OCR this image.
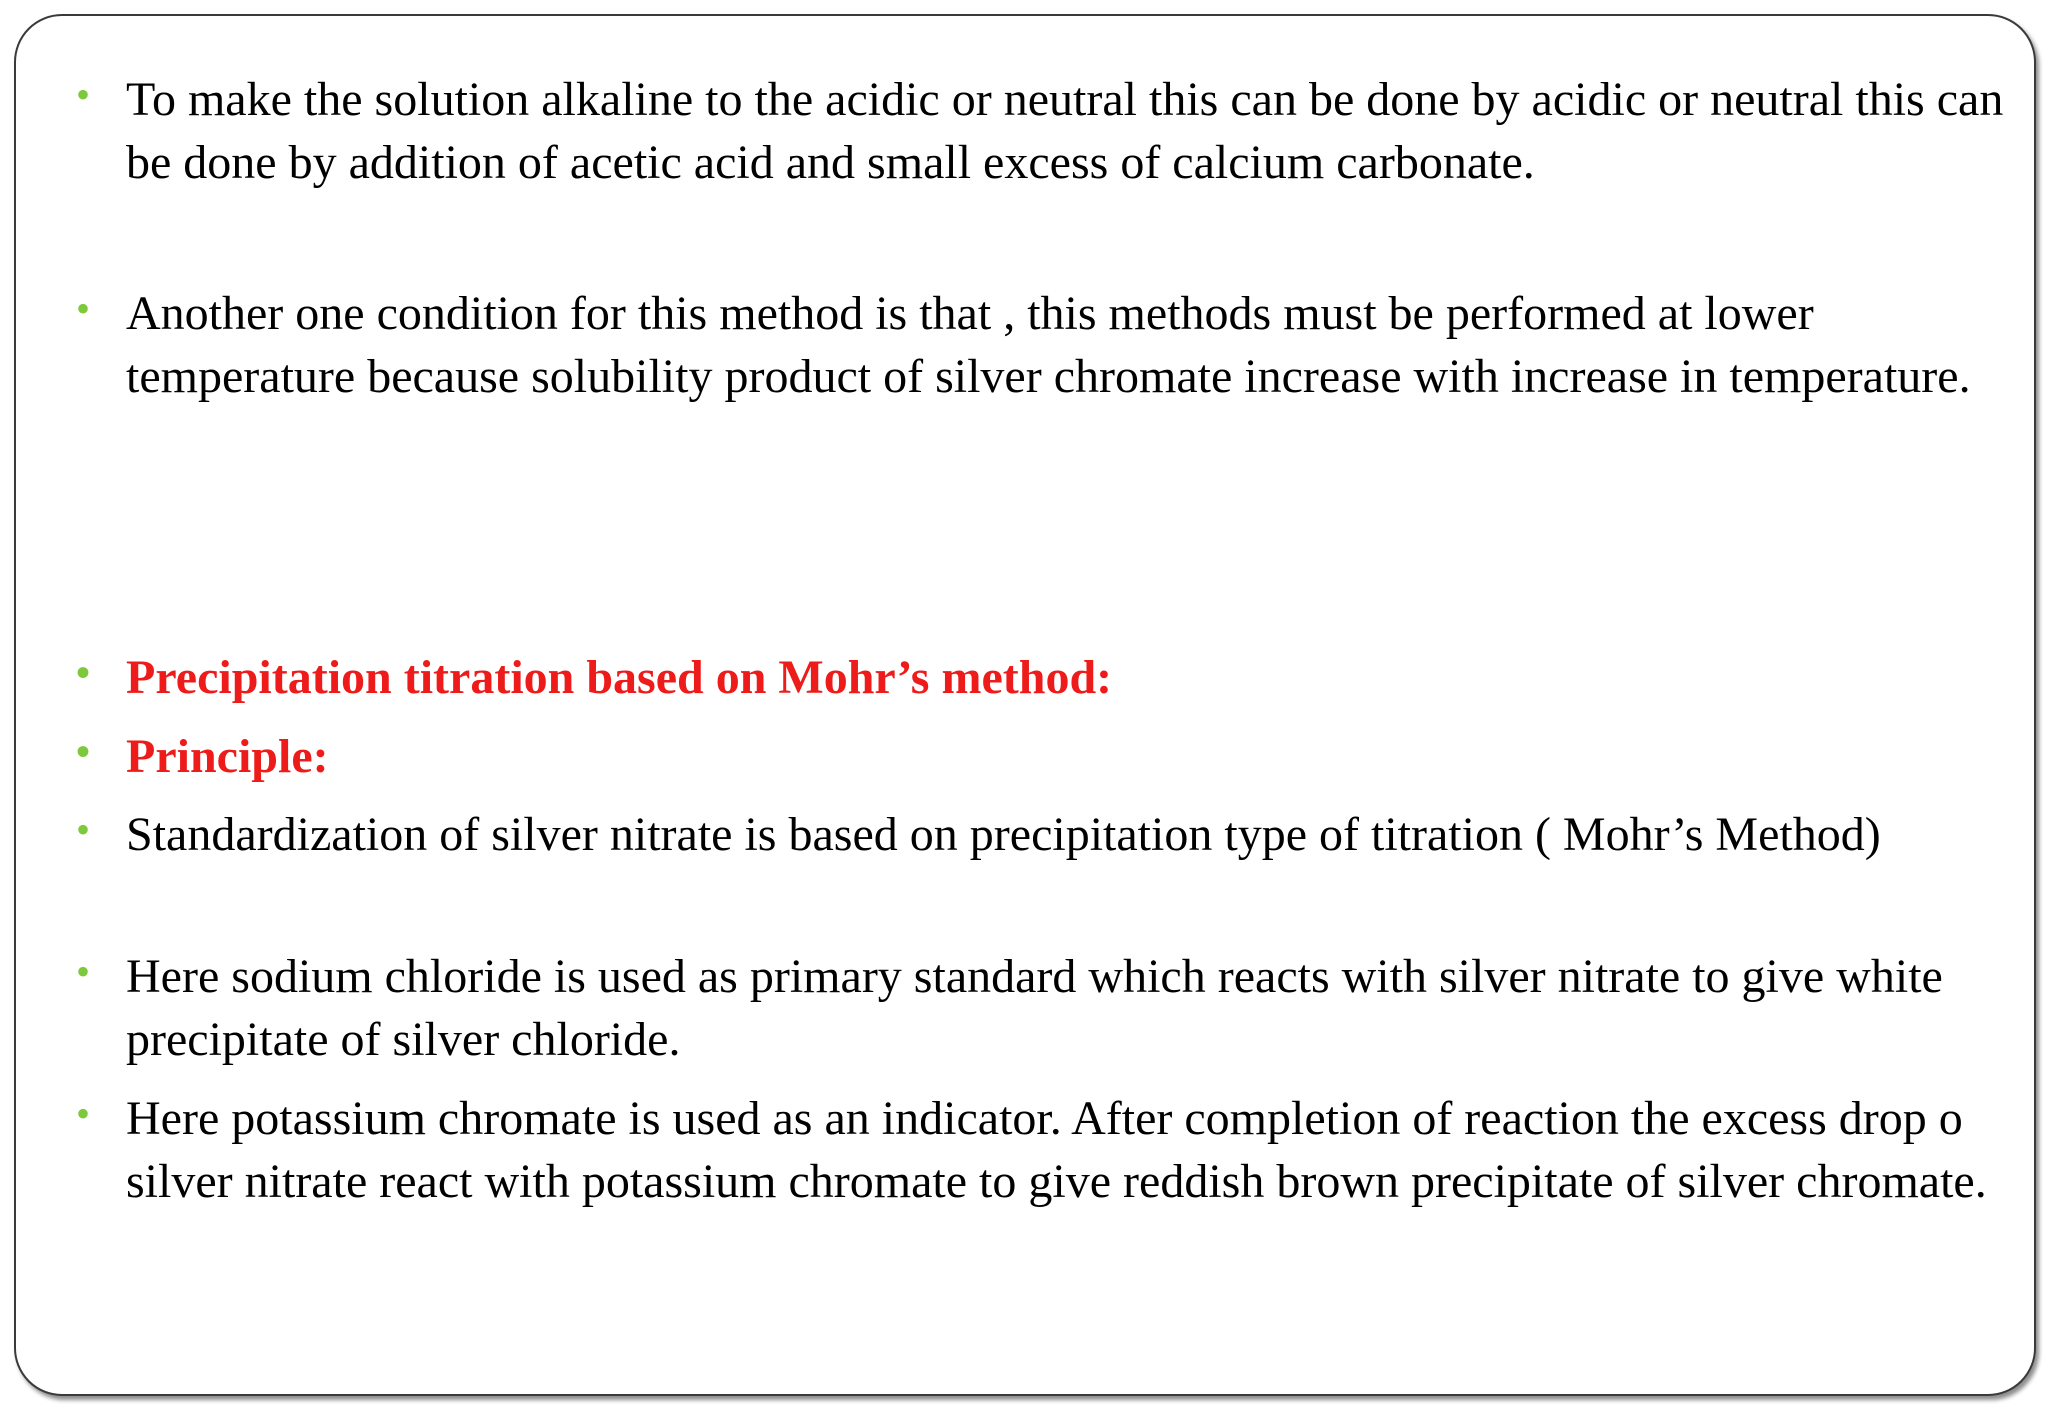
• To make the solution alkaline to the acidic or neutral this can be done by acidic or neutral this can be done by addition of acetic acid and small excess of calcium carbonate.
• Another one condition for this method is that , this methods must be performed at lower temperature because solubility product of silver chromate increase with increase in temperature.
• Precipitation titration based on Mohr’s method:
• Principle:
• Standardization of silver nitrate is based on precipitation type of titration ( Mohr’s Method)
• Here sodium chloride is used as primary standard which reacts with silver nitrate to give white precipitate of silver chloride.
• Here potassium chromate is used as an indicator. After completion of reaction the excess drop o silver nitrate react with potassium chromate to give reddish brown precipitate of silver chromate.
